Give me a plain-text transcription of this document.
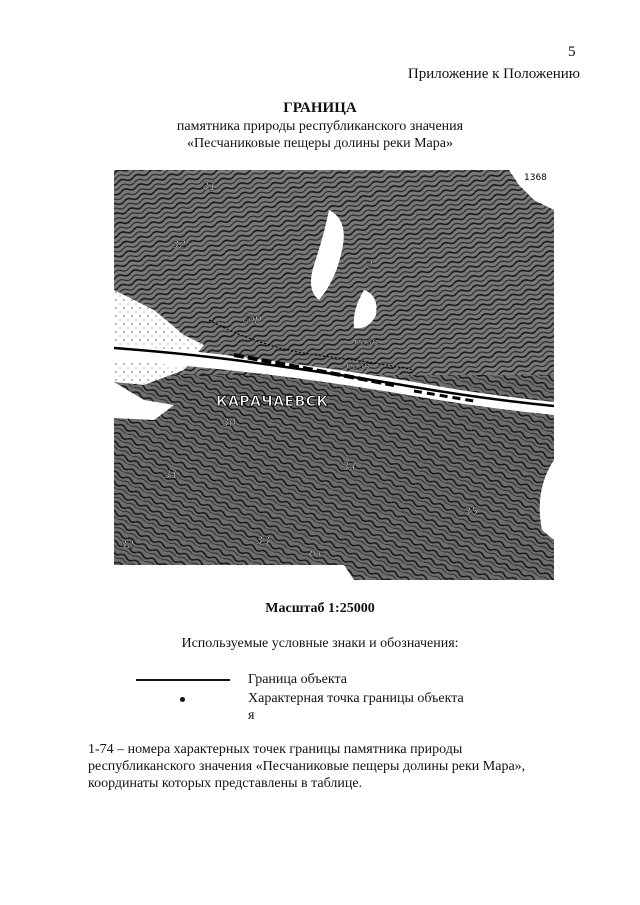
5
Приложение к Положению
ГРАНИЦА
памятника природы республиканского значения
«Песчаниковые пещеры долины реки Мара»
31
32
2
сар
разв.
разв
КАРАЧАЕВСК
30
34
31
35
32	33
1368
б.с
Масштаб 1:25000
Используемые условные знаки и обозначения:
Граница объекта
Характерная точка границы объекта
я
1-74 – номера характерных точек границы памятника природы республиканского значения «Песчаниковые пещеры долины реки Мара», координаты которых представлены в таблице.
